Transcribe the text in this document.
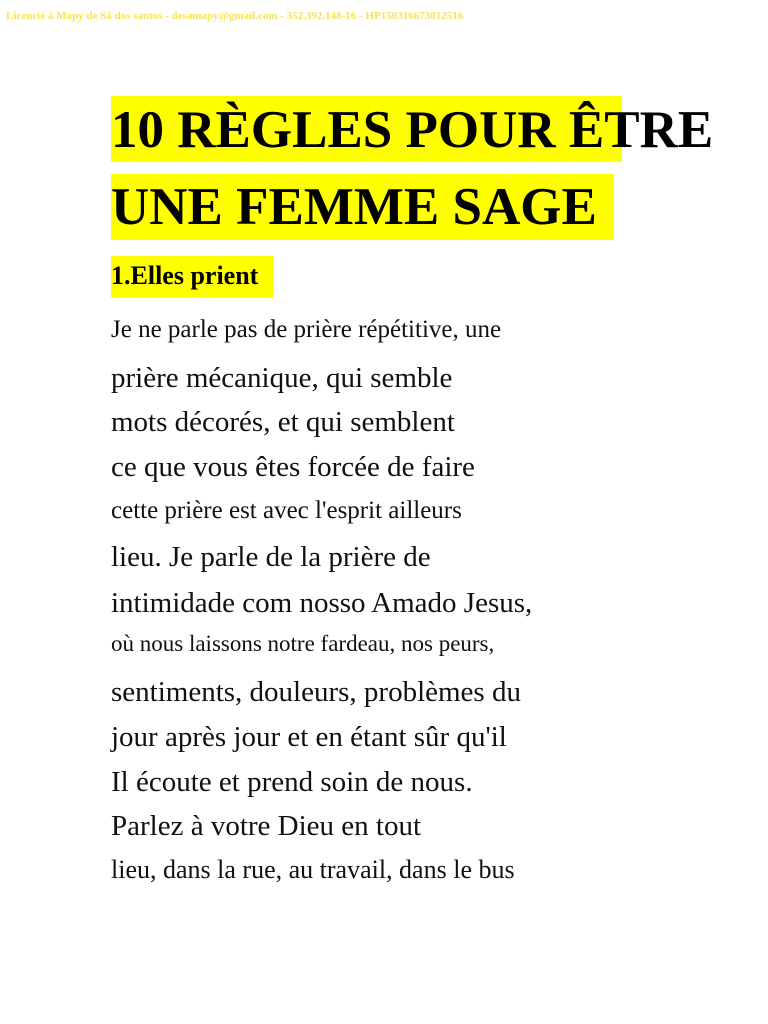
Licencié à Mapy de Sá dos santos - desamapy@gmail.com - 352.392.148-16 - HP150316673012516
10 RÈGLES POUR ÊTRE
UNE FEMME SAGE
1.Elles prient
Je ne parle pas de prière répétitive, une
prière mécanique, qui semble
mots décorés, et qui semblent
ce que vous êtes forcée de faire
cette prière est avec l'esprit ailleurs
lieu. Je parle de la prière de
intimidade com nosso Amado Jesus,
où nous laissons notre fardeau, nos peurs,
sentiments, douleurs, problèmes du
jour après jour et en étant sûr qu'il
Il écoute et prend soin de nous.
Parlez à votre Dieu en tout
lieu, dans la rue, au travail, dans le bus
